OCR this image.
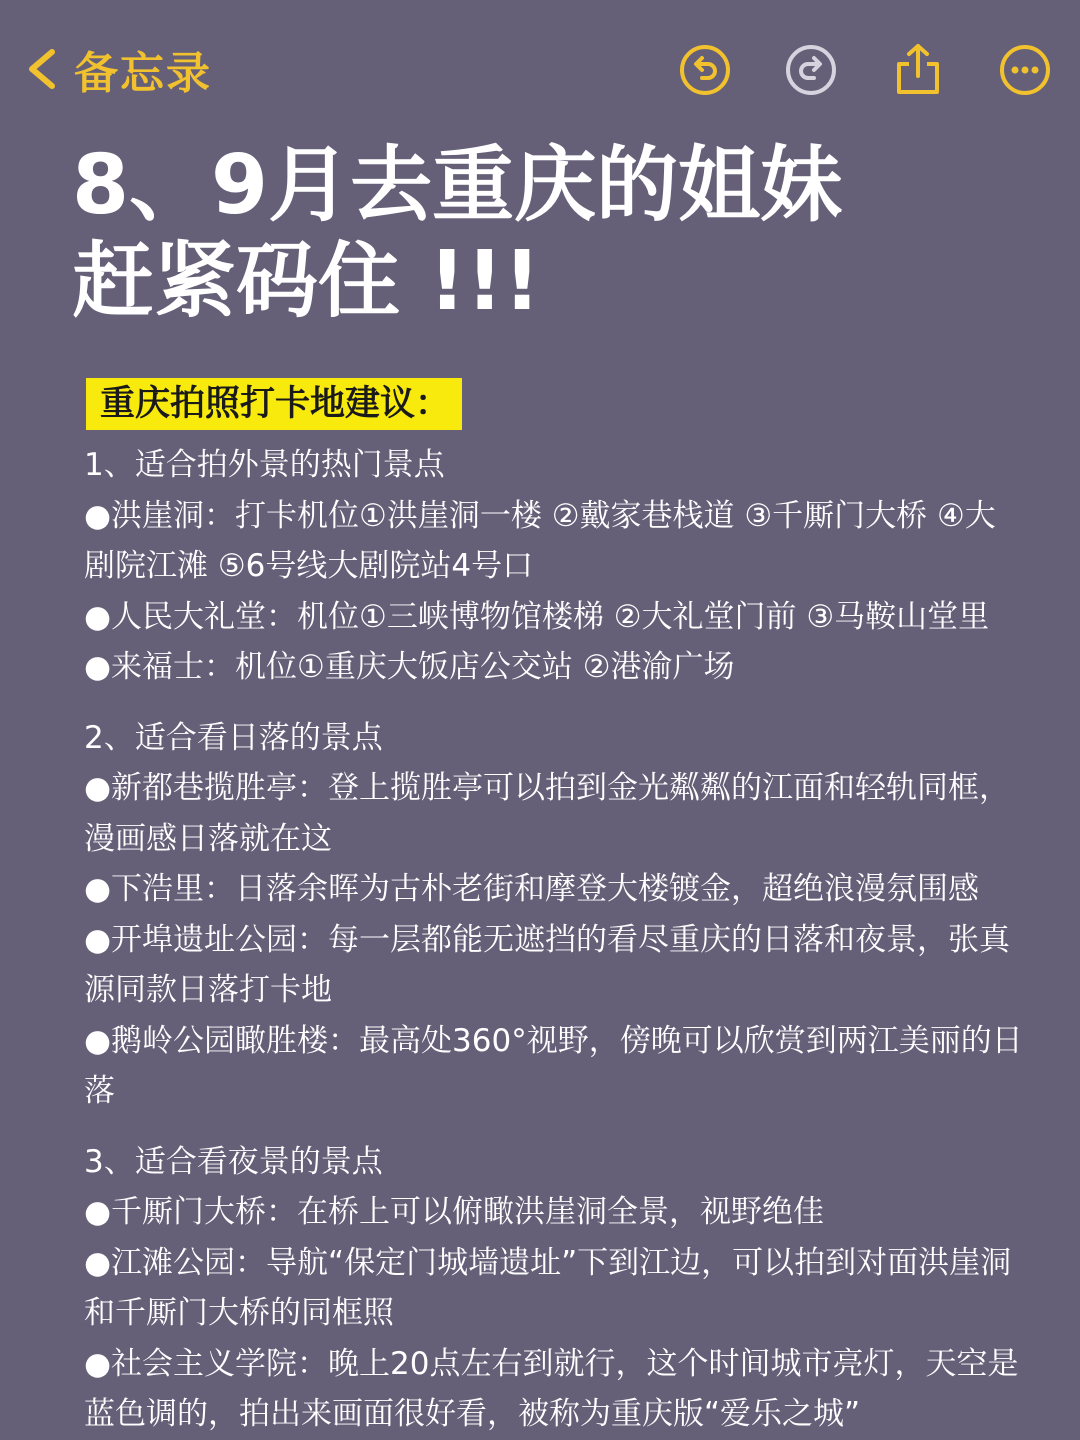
备忘录
8、9月去重庆的姐妹
赶紧码住 !!!
重庆拍照打卡地建议：

1、适合拍外景的热门景点

●洪崖洞：打卡机位①洪崖洞一楼 ②戴家巷栈道 ③千厮门大桥 ④大剧院江滩 ⑤6号线大剧院站4号口

●人民大礼堂：机位①三峡博物馆楼梯 ②大礼堂门前 ③马鞍山堂里

●来福士：机位①重庆大饭店公交站 ②港渝广场

2、适合看日落的景点

●新都巷揽胜亭：登上揽胜亭可以拍到金光粼粼的江面和轻轨同框，漫画感日落就在这

●下浩里：日落余晖为古朴老街和摩登大楼镀金，超绝浪漫氛围感

●开埠遗址公园：每一层都能无遮挡的看尽重庆的日落和夜景，张真源同款日落打卡地

●鹅岭公园瞰胜楼：最高处360°视野，傍晚可以欣赏到两江美丽的日落

3、适合看夜景的景点

●千厮门大桥：在桥上可以俯瞰洪崖洞全景，视野绝佳

●江滩公园：导航“保定门城墙遗址”下到江边，可以拍到对面洪崖洞和千厮门大桥的同框照

●社会主义学院：晚上20点左右到就行，这个时间城市亮灯，天空是蓝色调的，拍出来画面很好看，被称为重庆版“爱乐之城”
